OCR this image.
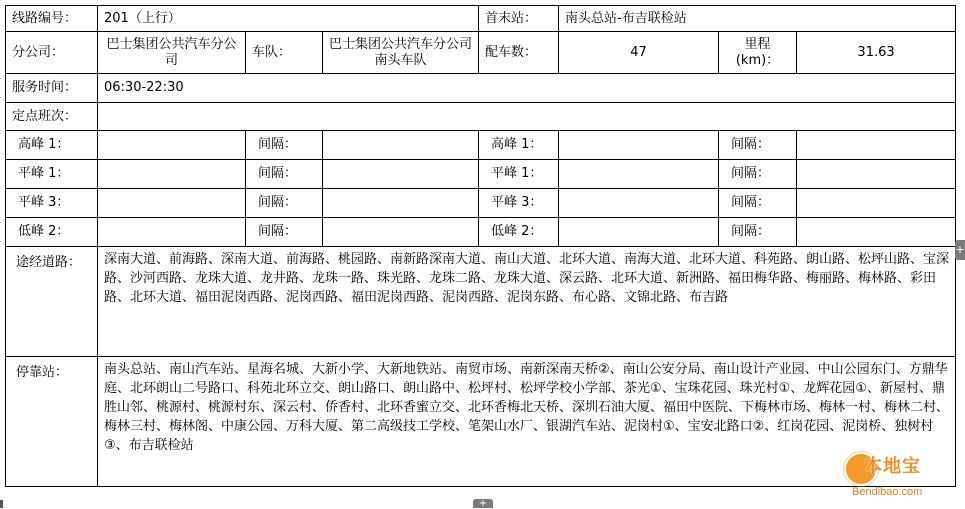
线路编号：	201（上行）			首末站：	南头总站-布吉联检站		
分公司：	巴士集团公共汽车分公司	车队：	巴士集团公共汽车分公司南头车队	配车数：	47	里程(km)：	31.63
服务时间：	06:30-22:30						
定点班次：							
高峰 1：		间隔：		高峰 1：		间隔：	
平峰 1：		间隔：		平峰 1：		间隔：	
平峰 3：		间隔：		平峰 3：		间隔：	
低峰 2：		间隔：		低峰 2：		间隔：	
途经道路：	深南大道、前海路、深南大道、前海路、桃园路、南新路深南大道、南山大道、北环大道、南海大道、北环大道、科苑路、朗山路、松坪山路、宝深路、沙河西路、龙珠大道、龙井路、龙珠一路、珠光路、龙珠二路、龙珠大道、深云路、北环大道、新洲路、福田梅华路、梅丽路、梅林路、彩田路、北环大道、福田泥岗西路、泥岗西路、福田泥岗西路、泥岗西路、泥岗东路、布心路、文锦北路、布吉路						
停靠站：	南头总站、南山汽车站、星海名城、大新小学、大新地铁站、南贸市场、南新深南天桥②、南山公安分局、南山设计产业园、中山公园东门、方鼎华庭、北环朗山二号路口、科苑北环立交、朗山路口、朗山路中、松坪村、松坪学校小学部、茶光①、宝珠花园、珠光村①、龙辉花园①、新屋村、鼎胜山邻、桃源村、桃源村东、深云村、侨香村、北环香蜜立交、北环香梅北天桥、深圳石油大厦、福田中医院、下梅林市场、梅林一村、梅林二村、梅林三村、梅林阁、中康公园、万科大厦、第二高级技工学校、笔架山水厂、银湖汽车站、泥岗村①、宝安北路口②、红岗花园、泥岗桥、独树村③、布吉联检站						
+
+
本地宝
Bendibao.com
